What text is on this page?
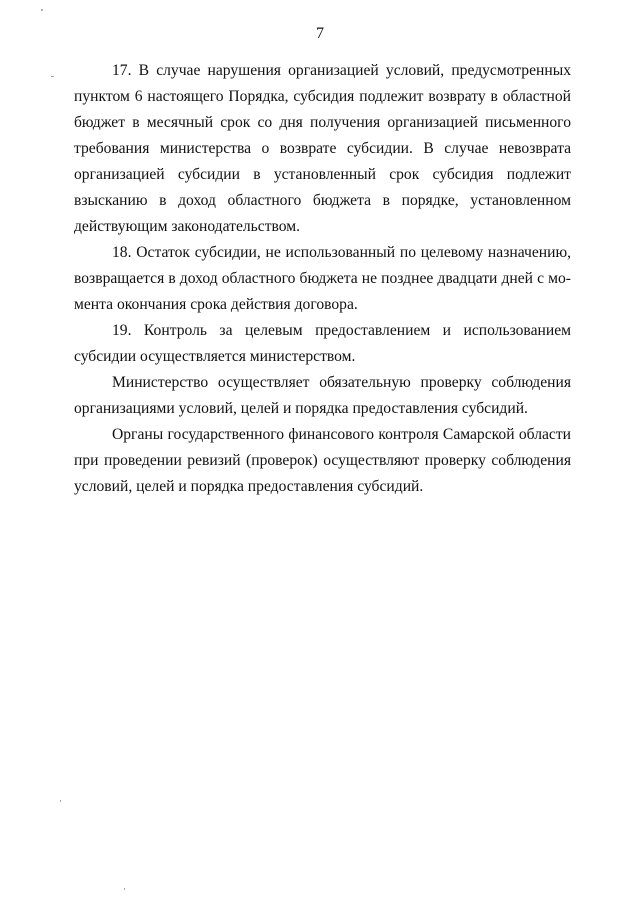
7

17. В случае нарушения организацией условий, предусмотренных пунктом 6 настоящего Порядка, субсидия подлежит возврату в областной бюджет в месячный срок со дня получения организацией письменного требования министерства о возврате субсидии. В случае невозврата организацией субсидии в установленный срок субсидия подлежит взысканию в доход областного бюджета в порядке, установленном действующим законодательством.

18. Остаток субсидии, не использованный по целевому назначению, возвращается в доход областного бюджета не позднее двадцати дней с момента окончания срока действия договора.

19. Контроль за целевым предоставлением и использованием субсидии осуществляется министерством.

Министерство осуществляет обязательную проверку соблюдения организациями условий, целей и порядка предоставления субсидий.

Органы государственного финансового контроля Самарской области при проведении ревизий (проверок) осуществляют проверку соблюдения условий, целей и порядка предоставления субсидий.
